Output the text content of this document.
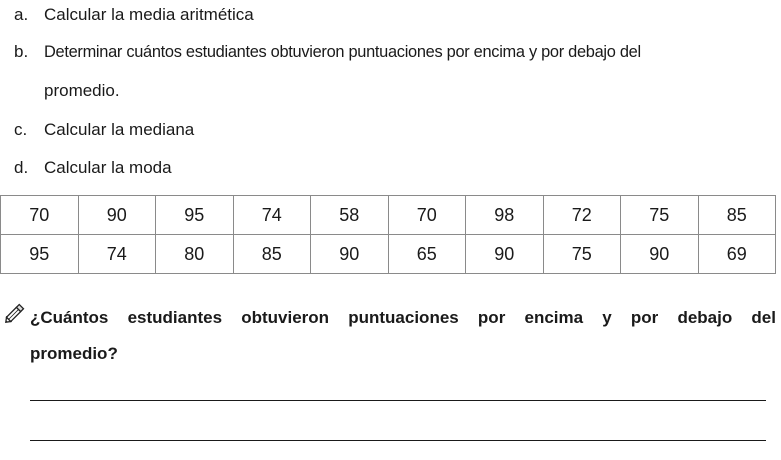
a. Calcular la media aritmética
b. Determinar cuántos estudiantes obtuvieron puntuaciones por encima y por debajo del
promedio.
c. Calcular la mediana
d. Calcular la moda
70	90	95	74	58	70	98	72	75	85
95	74	80	85	90	65	90	75	90	69
¿Cuántos estudiantes obtuvieron puntuaciones por encima y por debajo del
promedio?
